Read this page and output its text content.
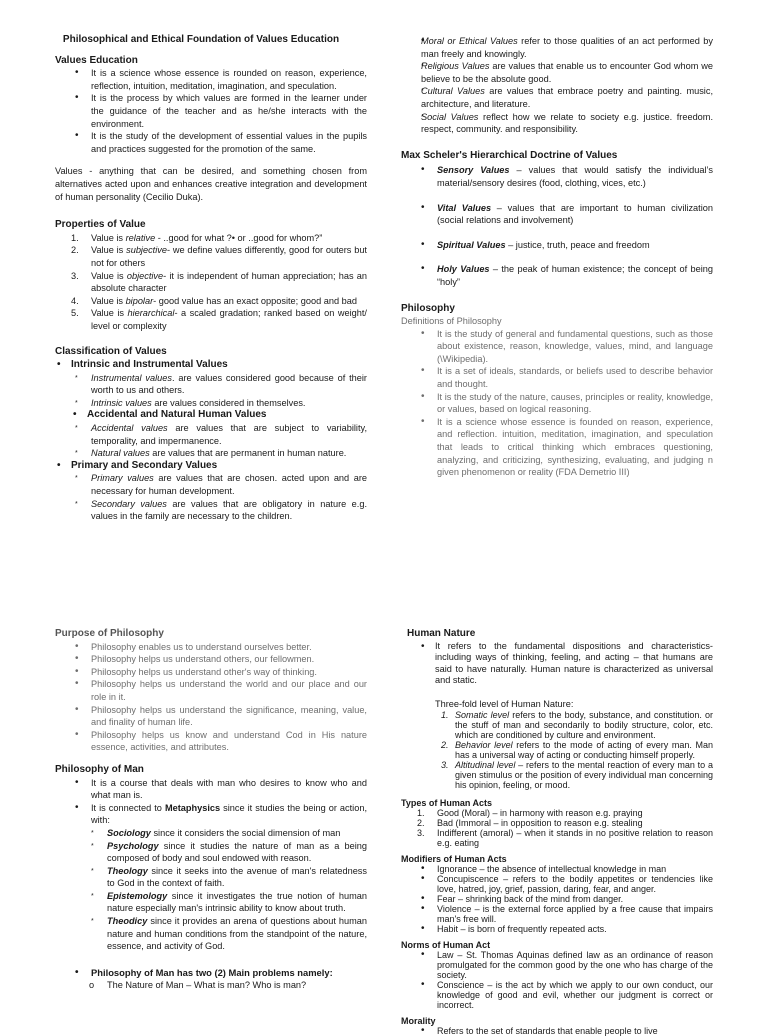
Philosophical and Ethical Foundation of Values Education
Values Education

• It is a science whose essence is rounded on reason, experience, reflection, intuition, meditation, imagination, and speculation.

• It is the process by which values are formed in the learner under the guidance of the teacher and as he/she interacts with the environment.

• It is the study of the development of essential values in the pupils and practices suggested for the promotion of the same.

Values - anything that can be desired, and something chosen from alternatives acted upon and enhances creative integration and development of human personality (Cecilio Duka).

Properties of Value

1. Value is relative - ..good for what ?• or ..good for whom?”

2. Value is subjective- we define values differently, good for outers but not for others

3. Value is objective- it is independent of human appreciation; has an absolute character

4. Value is bipolar- good value has an exact opposite; good and bad

5. Value is hierarchical- a scaled gradation; ranked based on weight/ level or complexity

Classification of Values

• Intrinsic and Instrumental Values

* Instrumental values. are values considered good because of their worth to us and others.

* Intrinsic values are values considered in themselves.

• Accidental and Natural Human Values

* Accidental values are values that are subject to variability, temporality, and impermanence.

* Natural values are values that are permanent in human nature.

• Primary and Secondary Values

* Primary values are values that are chosen. acted upon and are necessary for human development.

* Secondary values are values that are obligatory in nature e.g. values in the family are necessary to the children.

• Moral or Ethical Values refer to those qualities of an act performed by man freely and knowingly.

* Religious Values are values that enable us to encounter God whom we believe to be the absolute good.

* Cultural Values are values that embrace poetry and painting. music, architecture, and literature.

* Social Values reflect how we relate to society e.g. justice. freedom. respect, community. and responsibility.

Max Scheler's Hierarchical Doctrine of Values

• Sensory Values – values that would satisfy the individual’s material/sensory desires (food, clothing, vices, etc.)

• Vital Values – values that are important to human civilization (social relations and involvement)

• Spiritual Values – justice, truth, peace and freedom

• Holy Values – the peak of human existence; the concept of being “holy”

Philosophy
Definitions of Philosophy

• It is the study of general and fundamental questions, such as those about existence, reason, knowledge, values, mind, and language (\Wikipedia).

• It is a set of ideals, standards, or beliefs used to describe behavior and thought.

• It is the study of the nature, causes, principles or reality, knowledge, or values, based on logical reasoning.

• It is a science whose essence is founded on reason, experience, and reflection. intuition, meditation, imagination, and speculation that leads to critical thinking which embraces questioning, analyzing, and criticizing, synthesizing, evaluating, and judging n given phenomenon or reality (FDA Demetrio III)

Purpose of Philosophy

• Philosophy enables us to understand ourselves better.

• Philosophy helps us understand others, our fellowmen.

• Philosophy helps us understand other's way of thinking.

• Philosophy helps us understand the world and our place and our role in it.

• Philosophy helps us understand the significance, meaning, value, and finality of human life.

• Philosophy helps us know and understand Cod in His nature essence, activities, and attributes.

Philosophy of Man

• It is a course that deals with man who desires to know who and what man is.

• It is connected to Metaphysics since it studies the being or action, with:

* Sociology since it considers the social dimension of man

* Psychology since it studies the nature of man as a being composed of body and soul endowed with reason.

* Theology since it seeks into the avenue of man's relatedness to God in the context of faith.

* Epistemology since it investigates the true notion of human nature especially man's intrinsic ability to know about truth.

* Theodicy since it provides an arena of questions about human nature and human conditions from the standpoint of the nature, essence, and activity of God.

• Philosophy of Man has two (2) Main problems namely:

o The Nature of Man – What is man? Who is man?

Human Nature

• It refers to the fundamental dispositions and characteristics-including ways of thinking, feeling, and acting – that humans are said to have naturally. Human nature is characterized as universal and static.

Three-fold level of Human Nature:

1. Somatic level refers to the body, substance, and constitution. or the stuff of man and secondarily to bodily structure, color, etc. which are conditioned by culture and environment.

2. Behavior level refers to the mode of acting of every man. Man has a universal way of acting or conducting himself properly.

3. Altitudinal level – refers to the mental reaction of every man to a given stimulus or the position of every individual man concerning his opinion, feeling, or mood.

Types of Human Acts

1. Good (Moral) – in harmony with reason e.g. praying

2. Bad (Immoral – in opposition to reason e.g. stealing

3. Indifferent (amoral) – when it stands in no positive relation to reason e.g. eating

Modifiers of Human Acts

• Ignorance – the absence of intellectual knowledge in man

• Concupiscence – refers to the bodily appetites or tendencies like love, hatred, joy, grief, passion, daring, fear, and anger.

• Fear – shrinking back of the mind from danger.

• Violence – is the external force applied by a free cause that impairs man's free will.

• Habit – is born of frequently repeated acts.

Norms of Human Act

• Law – St. Thomas Aquinas defined law as an ordinance of reason promulgated for the common good by the one who has charge of the society.

• Conscience – is the act by which we apply to our own conduct, our knowledge of good and evil, whether our judgment is correct or incorrect.

Morality

• Refers to the set of standards that enable people to live
